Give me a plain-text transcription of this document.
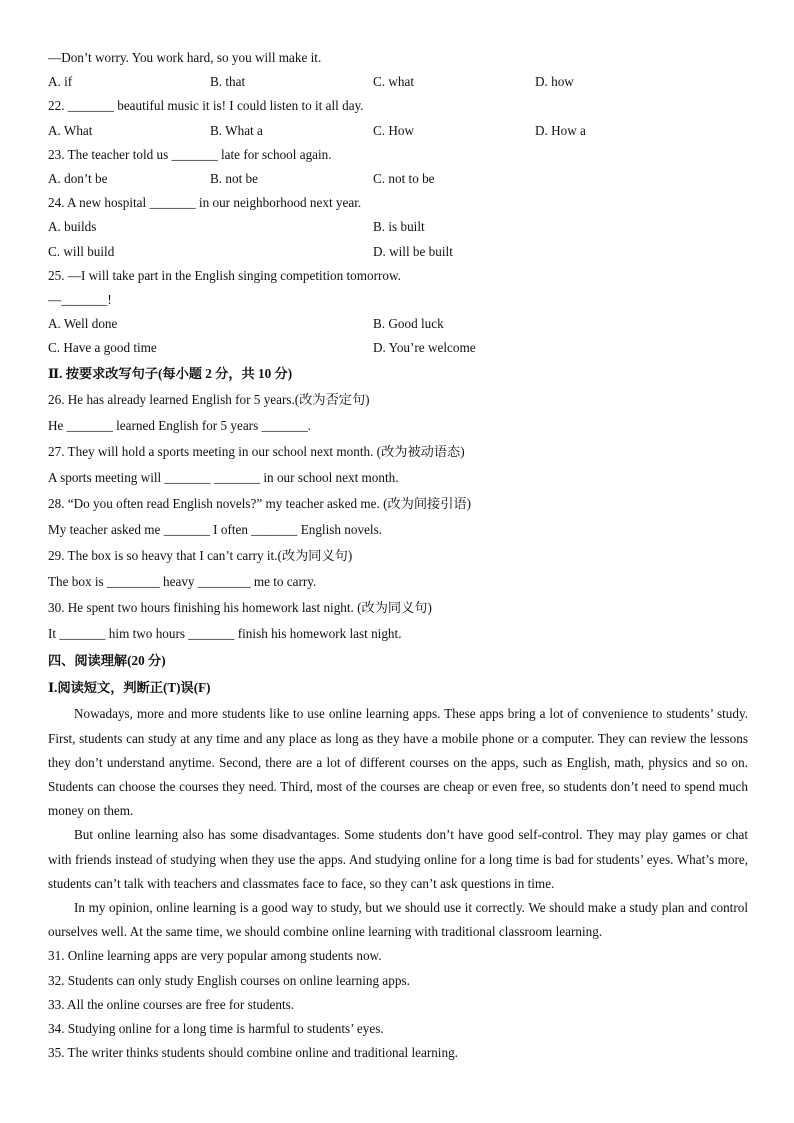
—Don’t worry. You work hard, so you will make it.
A. if	B. that	C. what	D. how
22. _______ beautiful music it is! I could listen to it all day.
A. What	B. What a	C. How	D. How a
23. The teacher told us _______ late for school again.
A. don’t be	B. not be	C. not to be
24. A new hospital _______ in our neighborhood next year.
A. builds	B. is built
C. will build	D. will be built
25. —I will take part in the English singing competition tomorrow.
—_______!
A. Well done	B. Good luck
C. Have a good time	D. You’re welcome
Ⅱ. 按要求改写句子(每小题 2 分，共 10 分)
26. He has already learned English for 5 years.(改为否定句)
He _______ learned English for 5 years _______.
27. They will hold a sports meeting in our school next month. (改为被动语态)
A sports meeting will _______ _______ in our school next month.
28. “Do you often read English novels?” my teacher asked me. (改为间接引语)
My teacher asked me _______ I often _______ English novels.
29. The box is so heavy that I can’t carry it.(改为同义句)
The box is ________ heavy ________ me to carry.
30. He spent two hours finishing his homework last night. (改为同义句)
It _______ him two hours _______ finish his homework last night.
四、阅读理解(20 分)
Ⅰ.阅读短文，判断正(T)误(F)

Nowadays, more and more students like to use online learning apps. These apps bring a lot of convenience to students’ study. First, students can study at any time and any place as long as they have a mobile phone or a computer. They can review the lessons they don’t understand anytime. Second, there are a lot of different courses on the apps, such as English, math, physics and so on. Students can choose the courses they need. Third, most of the courses are cheap or even free, so students don’t need to spend much money on them.

But online learning also has some disadvantages. Some students don’t have good self-control. They may play games or chat with friends instead of studying when they use the apps. And studying online for a long time is bad for students’ eyes. What’s more, students can’t talk with teachers and classmates face to face, so they can’t ask questions in time.

In my opinion, online learning is a good way to study, but we should use it correctly. We should make a study plan and control ourselves well. At the same time, we should combine online learning with traditional classroom learning.

31. Online learning apps are very popular among students now.
32. Students can only study English courses on online learning apps.
33. All the online courses are free for students.
34. Studying online for a long time is harmful to students’ eyes.
35. The writer thinks students should combine online and traditional learning.
